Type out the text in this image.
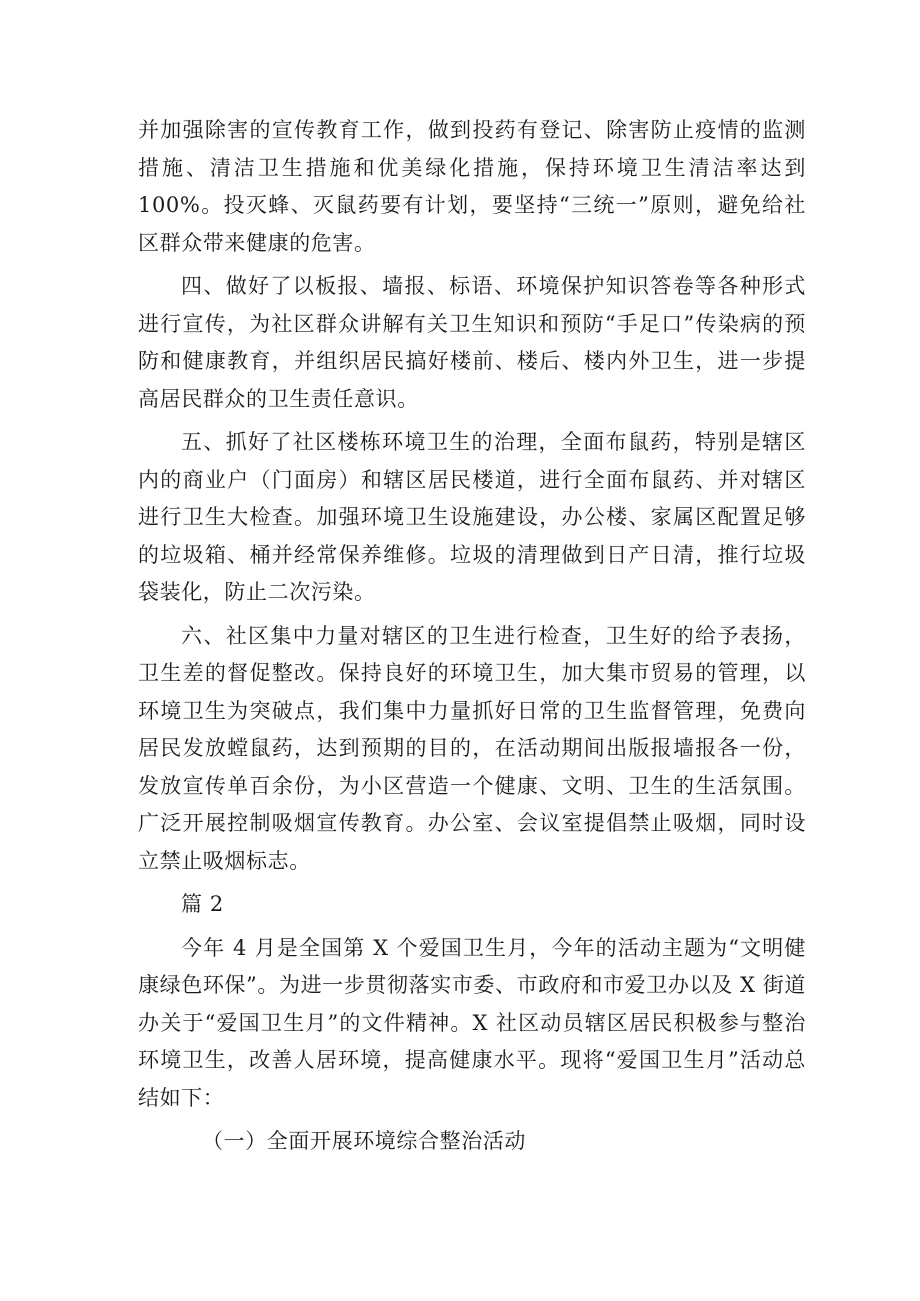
并加强除害的宣传教育工作，做到投药有登记、除害防止疫情的监测措施、清洁卫生措施和优美绿化措施，保持环境卫生清洁率达到100%。投灭蜂、灭鼠药要有计划，要坚持“三统一”原则，避免给社区群众带来健康的危害。

四、做好了以板报、墙报、标语、环境保护知识答卷等各种形式进行宣传，为社区群众讲解有关卫生知识和预防“手足口”传染病的预防和健康教育，并组织居民搞好楼前、楼后、楼内外卫生，进一步提高居民群众的卫生责任意识。

五、抓好了社区楼栋环境卫生的治理，全面布鼠药，特别是辖区内的商业户（门面房）和辖区居民楼道，进行全面布鼠药、并对辖区进行卫生大检查。加强环境卫生设施建设，办公楼、家属区配置足够的垃圾箱、桶并经常保养维修。垃圾的清理做到日产日清，推行垃圾袋装化，防止二次污染。

六、社区集中力量对辖区的卫生进行检查，卫生好的给予表扬，卫生差的督促整改。保持良好的环境卫生，加大集市贸易的管理，以环境卫生为突破点，我们集中力量抓好日常的卫生监督管理，免费向居民发放螳鼠药，达到预期的目的，在活动期间出版报墙报各一份，发放宣传单百余份，为小区营造一个健康、文明、卫生的生活氛围。广泛开展控制吸烟宣传教育。办公室、会议室提倡禁止吸烟，同时设立禁止吸烟标志。

篇 2

今年 4 月是全国第 X 个爱国卫生月，今年的活动主题为“文明健康绿色环保”。为进一步贯彻落实市委、市政府和市爱卫办以及 X 街道办关于“爱国卫生月”的文件精神。X 社区动员辖区居民积极参与整治环境卫生，改善人居环境，提高健康水平。现将“爱国卫生月”活动总结如下：

（一）全面开展环境综合整治活动
